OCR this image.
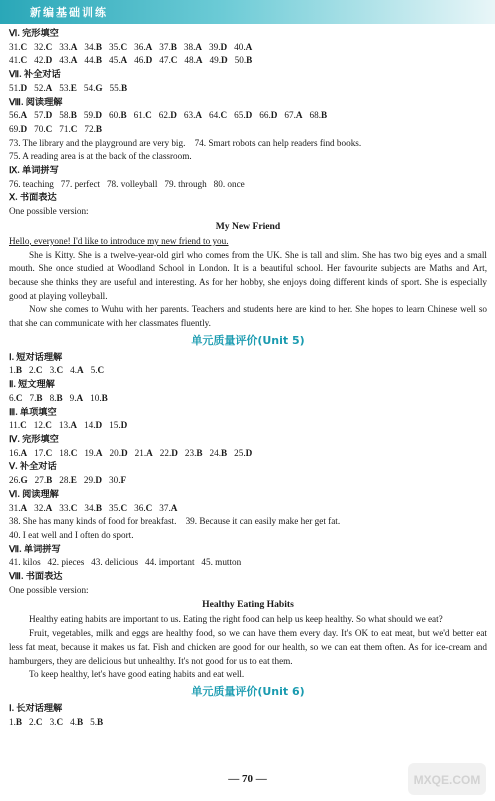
新编基础训练
Ⅵ. 完形填空
31.C 32.C 33.A 34.B 35.C 36.A 37.B 38.A 39.D 40.A
41.C 42.D 43.A 44.B 45.A 46.D 47.C 48.A 49.D 50.B
Ⅶ. 补全对话
51.D 52.A 53.E 54.G 55.B
Ⅷ. 阅读理解
56.A 57.D 58.B 59.D 60.B 61.C 62.D 63.A 64.C 65.D 66.D 67.A 68.B
69.D 70.C 71.C 72.B
73. The library and the playground are very big.    74. Smart robots can help readers find books.
75. A reading area is at the back of the classroom.
Ⅸ. 单词拼写
76. teaching   77. perfect   78. volleyball   79. through   80. once
Ⅹ. 书面表达
One possible version:
My New Friend
Hello, everyone! I'd like to introduce my new friend to you.
She is Kitty. She is a twelve-year-old girl who comes from the UK. She is tall and slim. She has two big eyes and a small mouth. She once studied at Woodland School in London. It is a beautiful school. Her favourite subjects are Maths and Art, because she thinks they are useful and interesting. As for her hobby, she enjoys doing different kinds of sport. She is especially good at playing volleyball.
Now she comes to Wuhu with her parents. Teachers and students here are kind to her. She hopes to learn Chinese well so that she can communicate with her classmates fluently.
单元质量评价(Unit 5)
Ⅰ. 短对话理解
1.B 2.C 3.C 4.A 5.C
Ⅱ. 短文理解
6.C 7.B 8.B 9.A 10.B
Ⅲ. 单项填空
11.C 12.C 13.A 14.D 15.D
Ⅳ. 完形填空
16.A 17.C 18.C 19.A 20.D 21.A 22.D 23.B 24.B 25.D
Ⅴ. 补全对话
26.G 27.B 28.E 29.D 30.F
Ⅵ. 阅读理解
31.A 32.A 33.C 34.B 35.C 36.C 37.A
38. She has many kinds of food for breakfast.    39. Because it can easily make her get fat.
40. I eat well and I often do sport.
Ⅶ. 单词拼写
41. kilos   42. pieces   43. delicious   44. important   45. mutton
Ⅷ. 书面表达
One possible version:
Healthy Eating Habits
Healthy eating habits are important to us. Eating the right food can help us keep healthy. So what should we eat?
Fruit, vegetables, milk and eggs are healthy food, so we can have them every day. It's OK to eat meat, but we'd better eat less fat meat, because it makes us fat. Fish and chicken are good for our health, so we can eat them often. As for ice-cream and hamburgers, they are delicious but unhealthy. It's not good for us to eat them.
To keep healthy, let's have good eating habits and eat well.
单元质量评价(Unit 6)
Ⅰ. 长对话理解
1.B 2.C 3.C 4.B 5.B
— 70 —	MXQE.COM
